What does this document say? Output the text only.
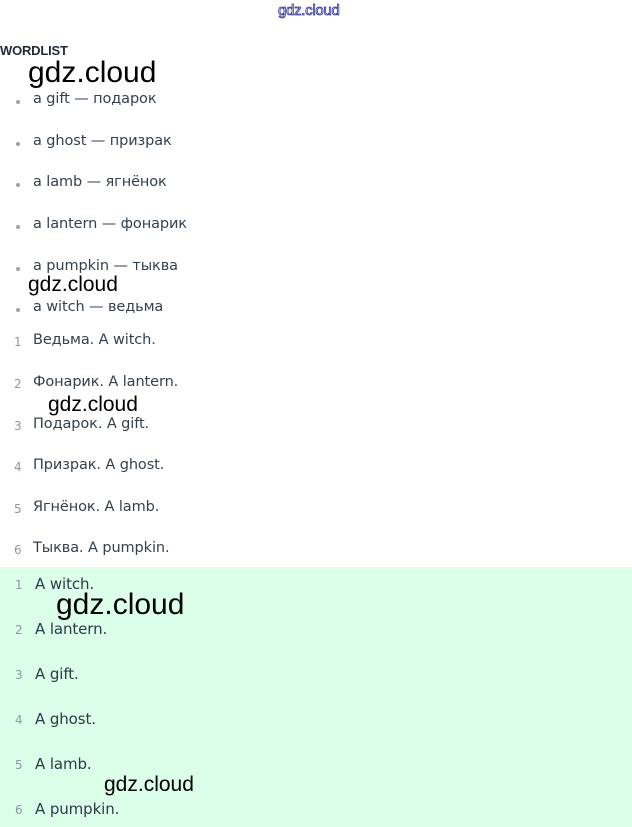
gdz.cloud
WORDLIST
a gift — подарок
a ghost — призрак
a lamb — ягнёнок
a lantern — фонарик
a pumpkin — тыква
a witch — ведьма
1 Ведьма. A witch.
2 Фонарик. A lantern.
3 Подарок. A gift.
4 Призрак. A ghost.
5 Ягнёнок. A lamb.
6 Тыква. A pumpkin.
1 A witch.
2 A lantern.
3 A gift.
4 A ghost.
5 A lamb.
6 A pumpkin.
gdz.cloud
gdz.cloud
gdz.cloud
gdz.cloud
gdz.cloud
